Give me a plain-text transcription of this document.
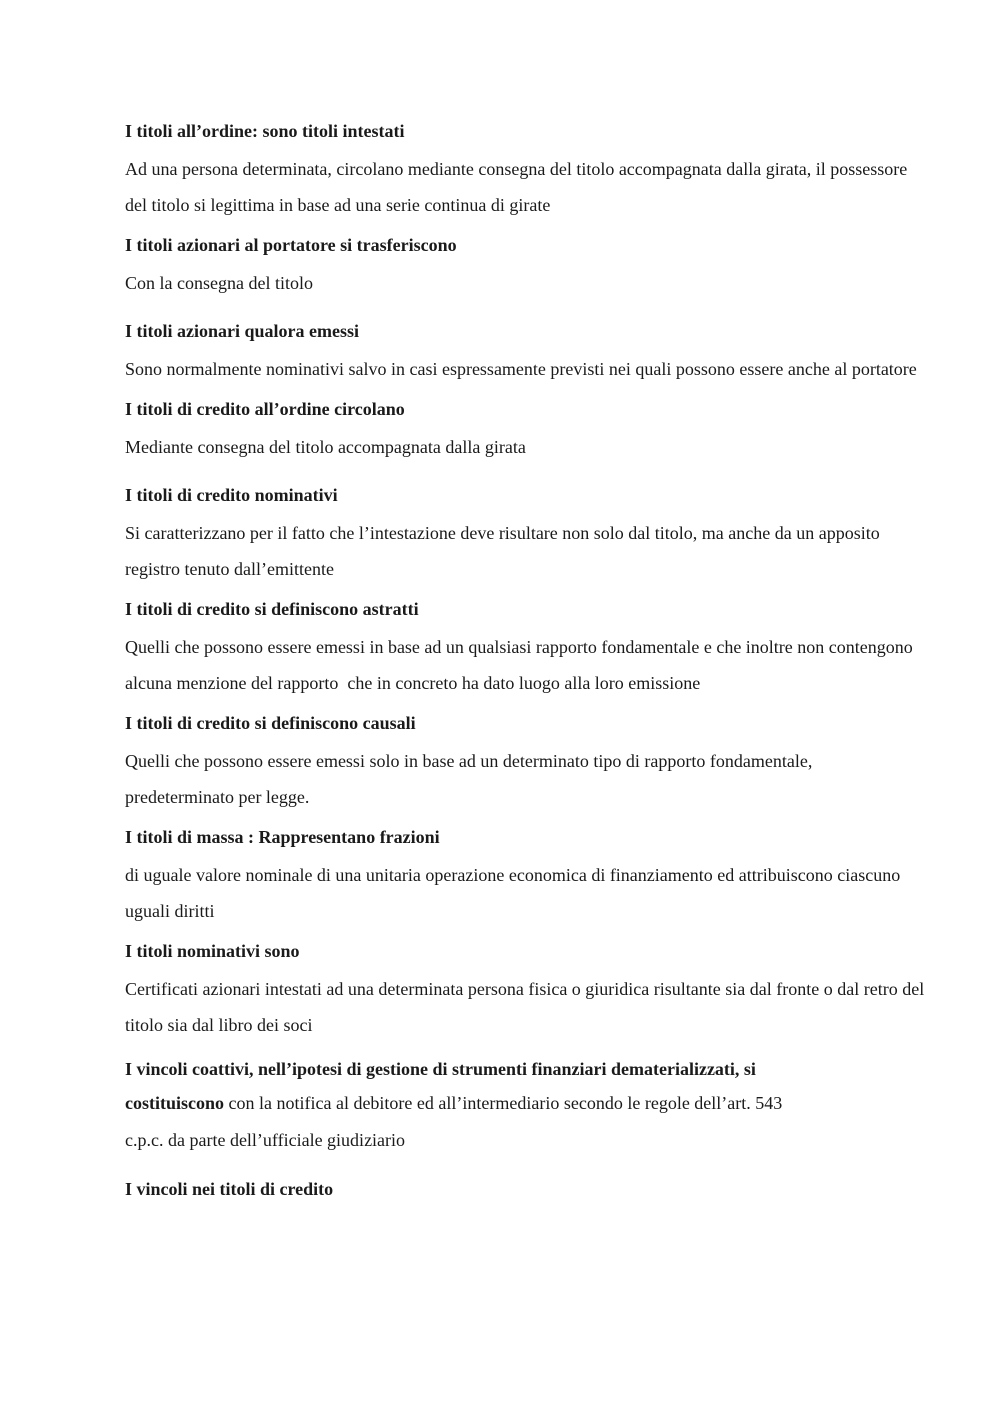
I titoli all’ordine: sono titoli intestati

Ad una persona determinata, circolano mediante consegna del titolo accompagnata dalla girata, il possessore del titolo si legittima in base ad una serie continua di girate

I titoli azionari al portatore si trasferiscono

Con la consegna del titolo

I titoli azionari qualora emessi

Sono normalmente nominativi salvo in casi espressamente previsti nei quali possono essere anche al portatore

I titoli di credito all’ordine circolano

Mediante consegna del titolo accompagnata dalla girata

I titoli di credito nominativi

Si caratterizzano per il fatto che l’intestazione deve risultare non solo dal titolo, ma anche da un apposito registro tenuto dall’emittente

I titoli di credito si definiscono astratti

Quelli che possono essere emessi in base ad un qualsiasi rapporto fondamentale e che inoltre non contengono alcuna menzione del rapporto  che in concreto ha dato luogo alla loro emissione

I titoli di credito si definiscono causali

Quelli che possono essere emessi solo in base ad un determinato tipo di rapporto fondamentale, predeterminato per legge.

I titoli di massa : Rappresentano frazioni

di uguale valore nominale di una unitaria operazione economica di finanziamento ed attribuiscono ciascuno uguali diritti

I titoli nominativi sono

Certificati azionari intestati ad una determinata persona fisica o giuridica risultante sia dal fronte o dal retro del titolo sia dal libro dei soci

I vincoli coattivi, nell’ipotesi di gestione di strumenti finanziari dematerializzati, si

costituiscono con la notifica al debitore ed all’intermediario secondo le regole dell’art. 543

c.p.c. da parte dell’ufficiale giudiziario

I vincoli nei titoli di credito
